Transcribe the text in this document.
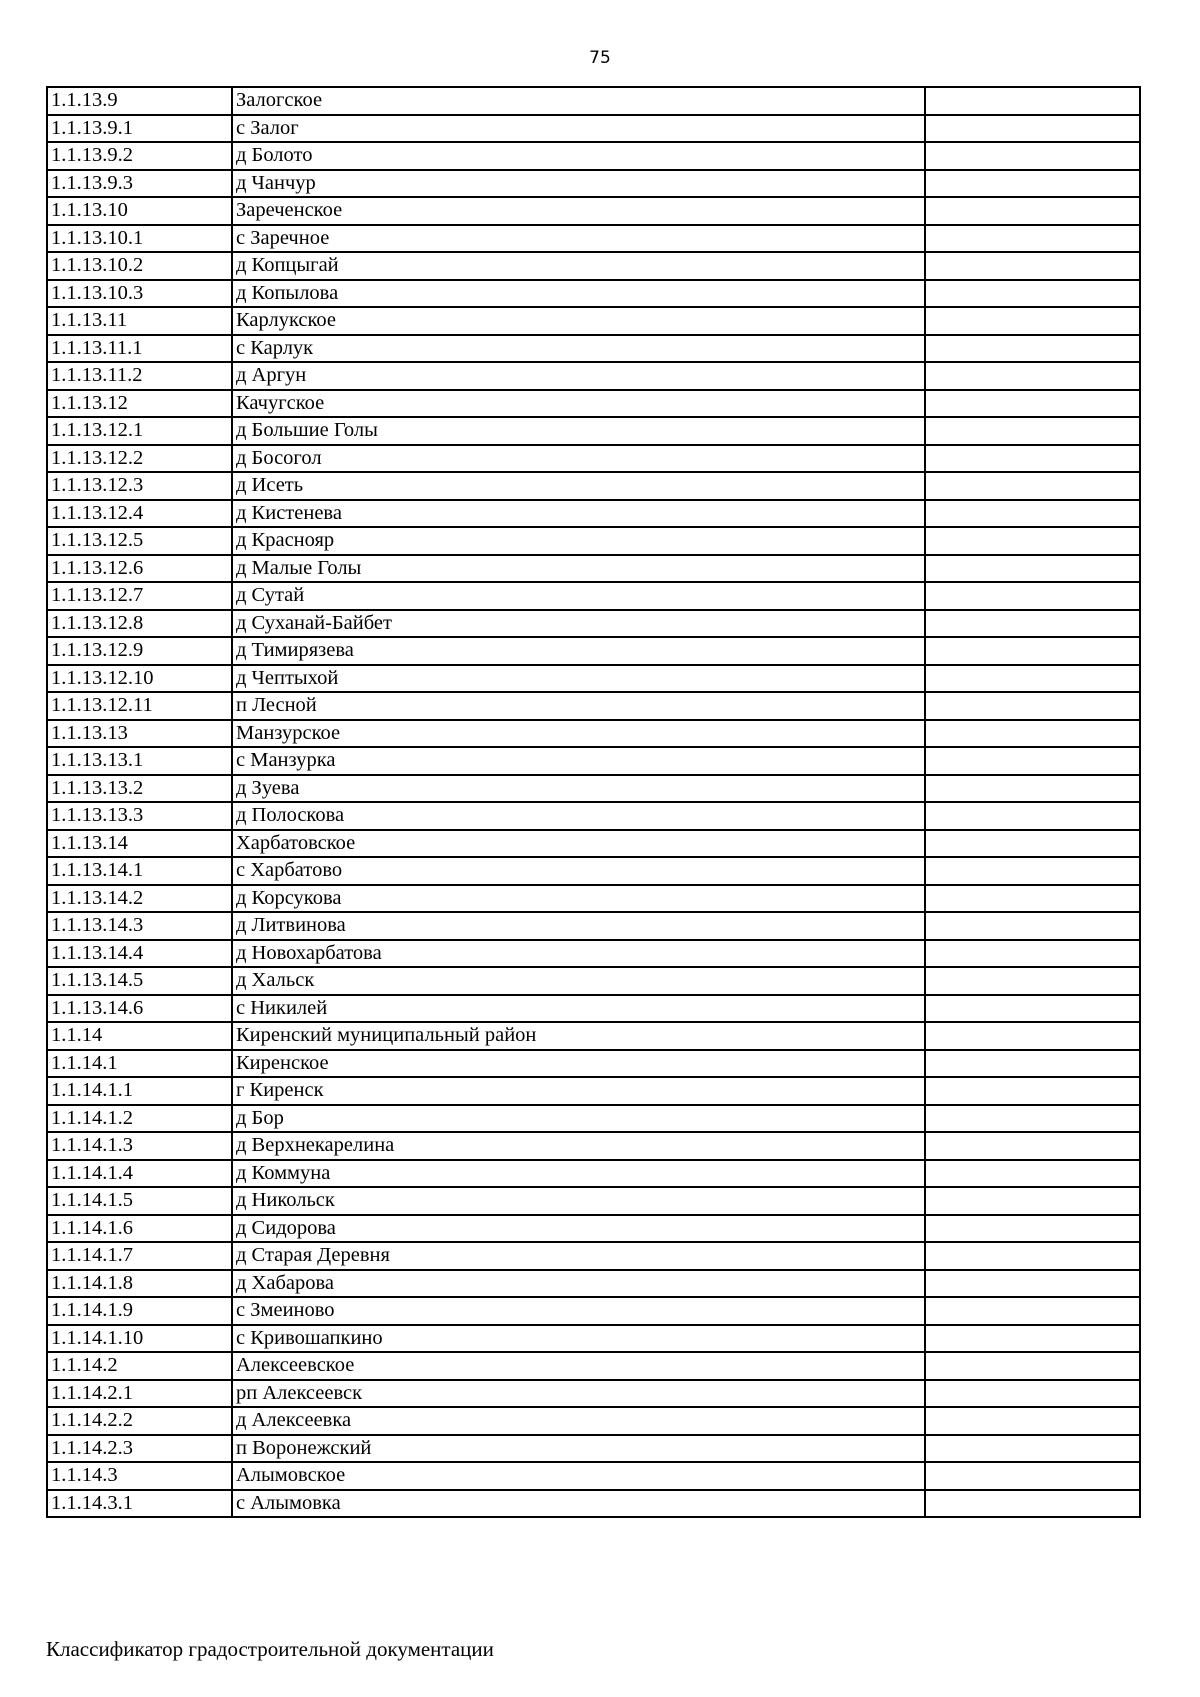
75
1.1.13.9	Залогское	
1.1.13.9.1	с Залог	
1.1.13.9.2	д Болото	
1.1.13.9.3	д Чанчур	
1.1.13.10	Зареченское	
1.1.13.10.1	с Заречное	
1.1.13.10.2	д Копцыгай	
1.1.13.10.3	д Копылова	
1.1.13.11	Карлукское	
1.1.13.11.1	с Карлук	
1.1.13.11.2	д Аргун	
1.1.13.12	Качугское	
1.1.13.12.1	д Большие Голы	
1.1.13.12.2	д Босогол	
1.1.13.12.3	д Исеть	
1.1.13.12.4	д Кистенева	
1.1.13.12.5	д Краснояр	
1.1.13.12.6	д Малые Голы	
1.1.13.12.7	д Сутай	
1.1.13.12.8	д Суханай-Байбет	
1.1.13.12.9	д Тимирязева	
1.1.13.12.10	д Чептыхой	
1.1.13.12.11	п Лесной	
1.1.13.13	Манзурское	
1.1.13.13.1	с Манзурка	
1.1.13.13.2	д Зуева	
1.1.13.13.3	д Полоскова	
1.1.13.14	Харбатовское	
1.1.13.14.1	с Харбатово	
1.1.13.14.2	д Корсукова	
1.1.13.14.3	д Литвинова	
1.1.13.14.4	д Новохарбатова	
1.1.13.14.5	д Хальск	
1.1.13.14.6	с Никилей	
1.1.14	Киренский муниципальный район	
1.1.14.1	Киренское	
1.1.14.1.1	г Киренск	
1.1.14.1.2	д Бор	
1.1.14.1.3	д Верхнекарелина	
1.1.14.1.4	д Коммуна	
1.1.14.1.5	д Никольск	
1.1.14.1.6	д Сидорова	
1.1.14.1.7	д Старая Деревня	
1.1.14.1.8	д Хабарова	
1.1.14.1.9	с Змеиново	
1.1.14.1.10	с Кривошапкино	
1.1.14.2	Алексеевское	
1.1.14.2.1	рп Алексеевск	
1.1.14.2.2	д Алексеевка	
1.1.14.2.3	п Воронежский	
1.1.14.3	Алымовское	
1.1.14.3.1	с Алымовка	
Классификатор градостроительной документации
